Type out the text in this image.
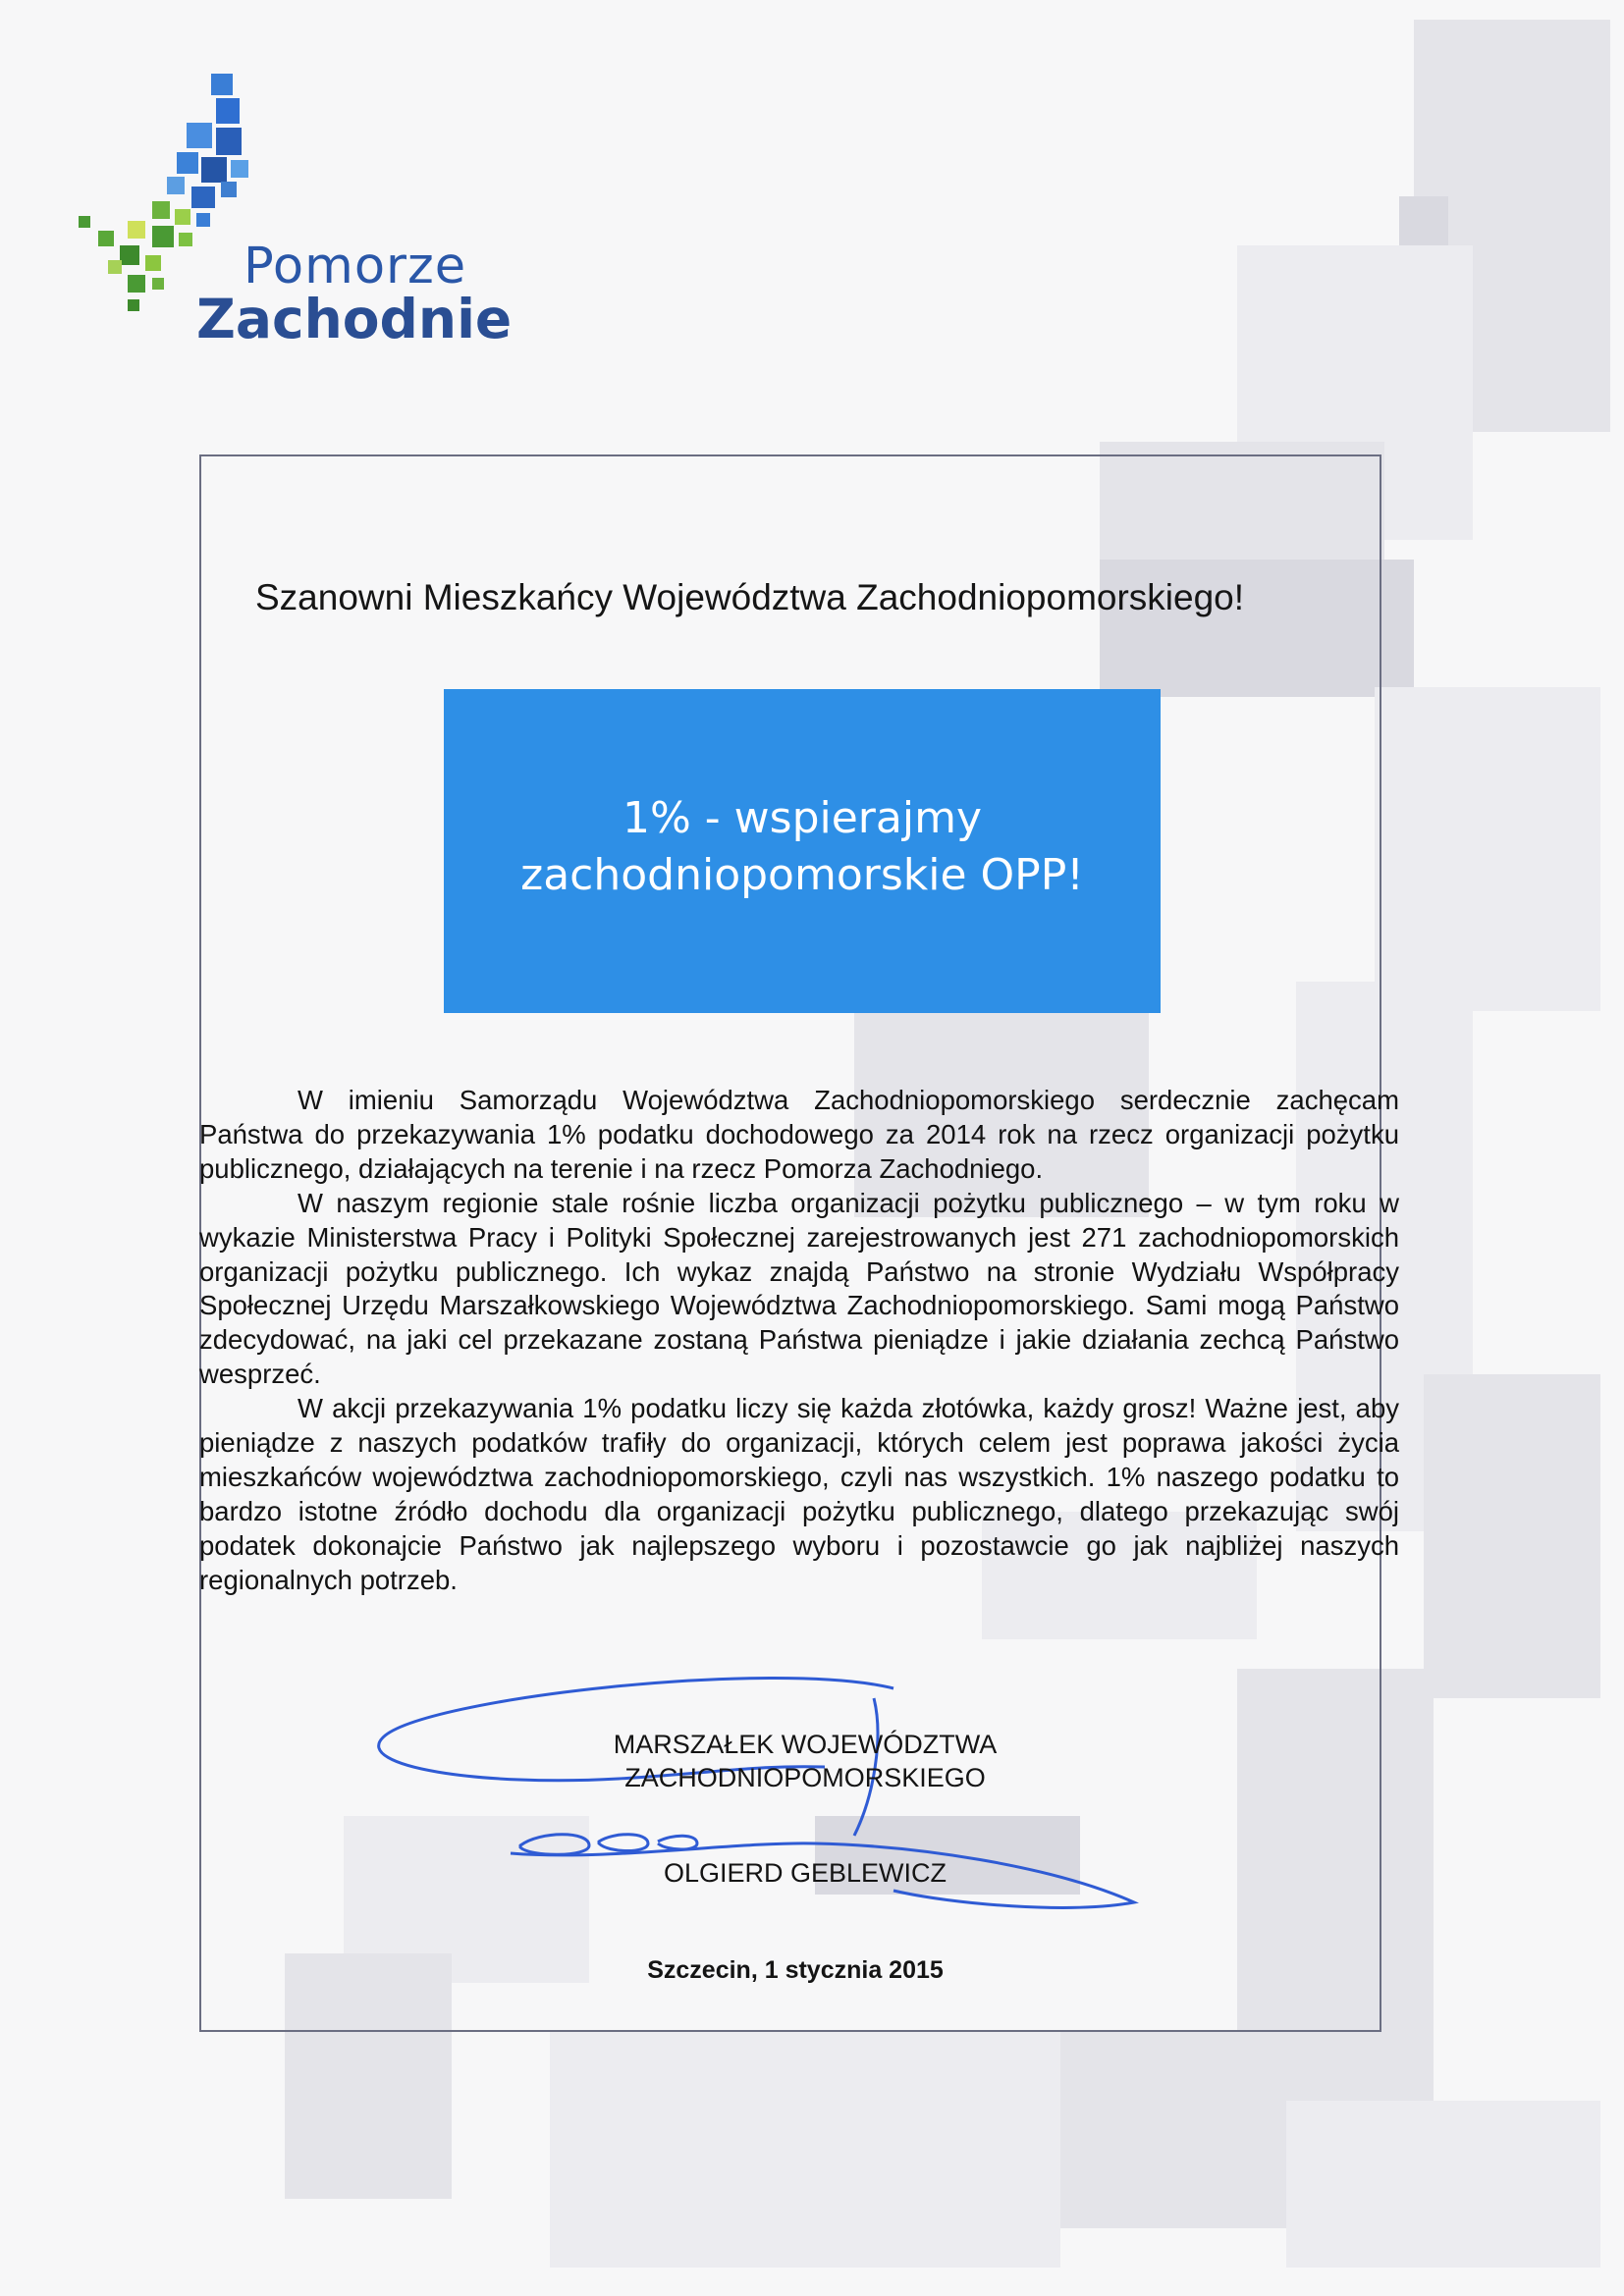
Pomorze
Zachodnie
Szanowni Mieszkańcy Województwa Zachodniopomorskiego!
1% - wspierajmy
zachodniopomorskie OPP!

W imieniu Samorządu Województwa Zachodniopomorskiego serdecznie zachęcam Państwa do przekazywania 1% podatku dochodowego za 2014 rok na rzecz organizacji pożytku publicznego, działających na terenie i na rzecz Pomorza Zachodniego.

W naszym regionie stale rośnie liczba organizacji pożytku publicznego – w tym roku w wykazie Ministerstwa Pracy i Polityki Społecznej zarejestrowanych jest 271 zachodniopomorskich organizacji pożytku publicznego. Ich wykaz znajdą Państwo na stronie Wydziału Współpracy Społecznej Urzędu Marszałkowskiego Województwa Zachodniopomorskiego. Sami mogą Państwo zdecydować, na jaki cel przekazane zostaną Państwa pieniądze i jakie działania zechcą Państwo wesprzeć.

W akcji przekazywania 1% podatku liczy się każda złotówka, każdy grosz! Ważne jest, aby pieniądze z naszych podatków trafiły do organizacji, których celem jest poprawa jakości życia mieszkańców województwa zachodniopomorskiego, czyli nas wszystkich. 1% naszego podatku to bardzo istotne źródło dochodu dla organizacji pożytku publicznego, dlatego przekazując swój podatek dokonajcie Państwo jak najlepszego wyboru i pozostawcie go jak najbliżej naszych regionalnych potrzeb.

MARSZAŁEK WOJEWÓDZTWA
ZACHODNIOPOMORSKIEGO
OLGIERD GEBLEWICZ
Szczecin, 1 stycznia 2015
